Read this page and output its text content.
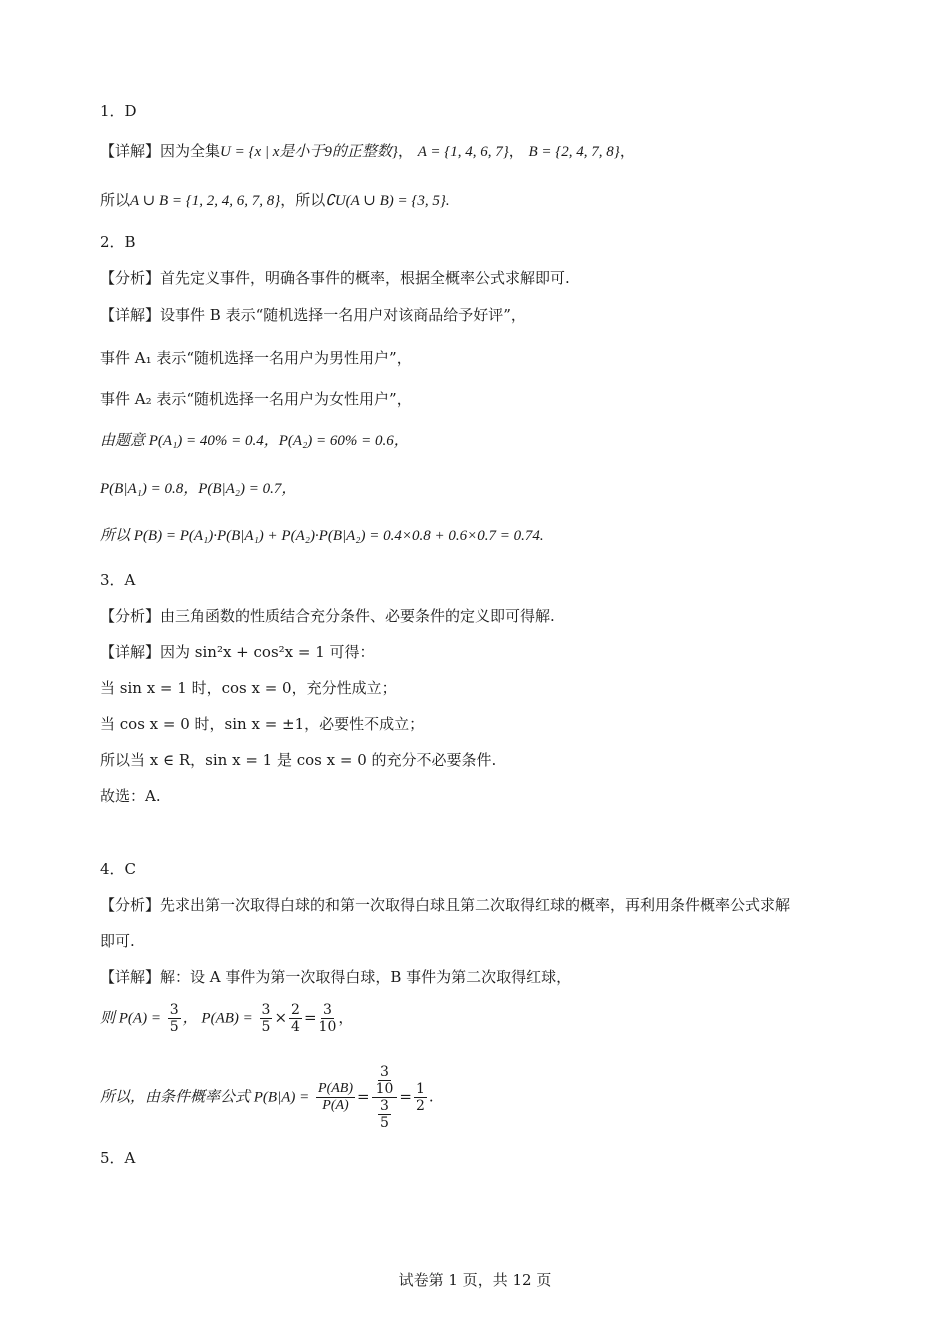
1．D
【详解】因为全集U = {x | x是小于9的正整数}， A = {1, 4, 6, 7}， B = {2, 4, 7, 8}，
所以A ∪ B = {1, 2, 4, 6, 7, 8}，所以∁U(A ∪ B) = {3, 5}.
2．B
【分析】首先定义事件，明确各事件的概率，根据全概率公式求解即可.
【详解】设事件 B 表示“随机选择一名用户对该商品给予好评”，
事件 A₁ 表示“随机选择一名用户为男性用户”，
事件 A₂ 表示“随机选择一名用户为女性用户”，
由题意 P(A₁) = 40% = 0.4，P(A₂) = 60% = 0.6，
P(B|A₁) = 0.8，P(B|A₂) = 0.7，
所以 P(B) = P(A₁)·P(B|A₁) + P(A₂)·P(B|A₂) = 0.4×0.8 + 0.6×0.7 = 0.74.
3．A
【分析】由三角函数的性质结合充分条件、必要条件的定义即可得解.
【详解】因为 sin²x + cos²x = 1 可得：
当 sin x = 1 时，cos x = 0，充分性成立；
当 cos x = 0 时，sin x = ±1，必要性不成立；
所以当 x ∈ R，sin x = 1 是 cos x = 0 的充分不必要条件.
故选：A.
4．C
【分析】先求出第一次取得白球的和第一次取得白球且第二次取得红球的概率，再利用条件概率公式求解
即可.
【详解】解：设 A 事件为第一次取得白球，B 事件为第二次取得红球，
则 $P(A) = \frac{3}{5}$ ， $P(AB) = \frac{3}{5} \times \frac{2}{4} = \frac{3}{10}$ ，
所以，由条件概率公式 $P(B|A) = \frac{P(AB)}{P(A)} = \frac{\frac{3}{10}}{\frac{3}{5}} = \frac{1}{2}$ .
5．A
试卷第 1 页，共 12 页
